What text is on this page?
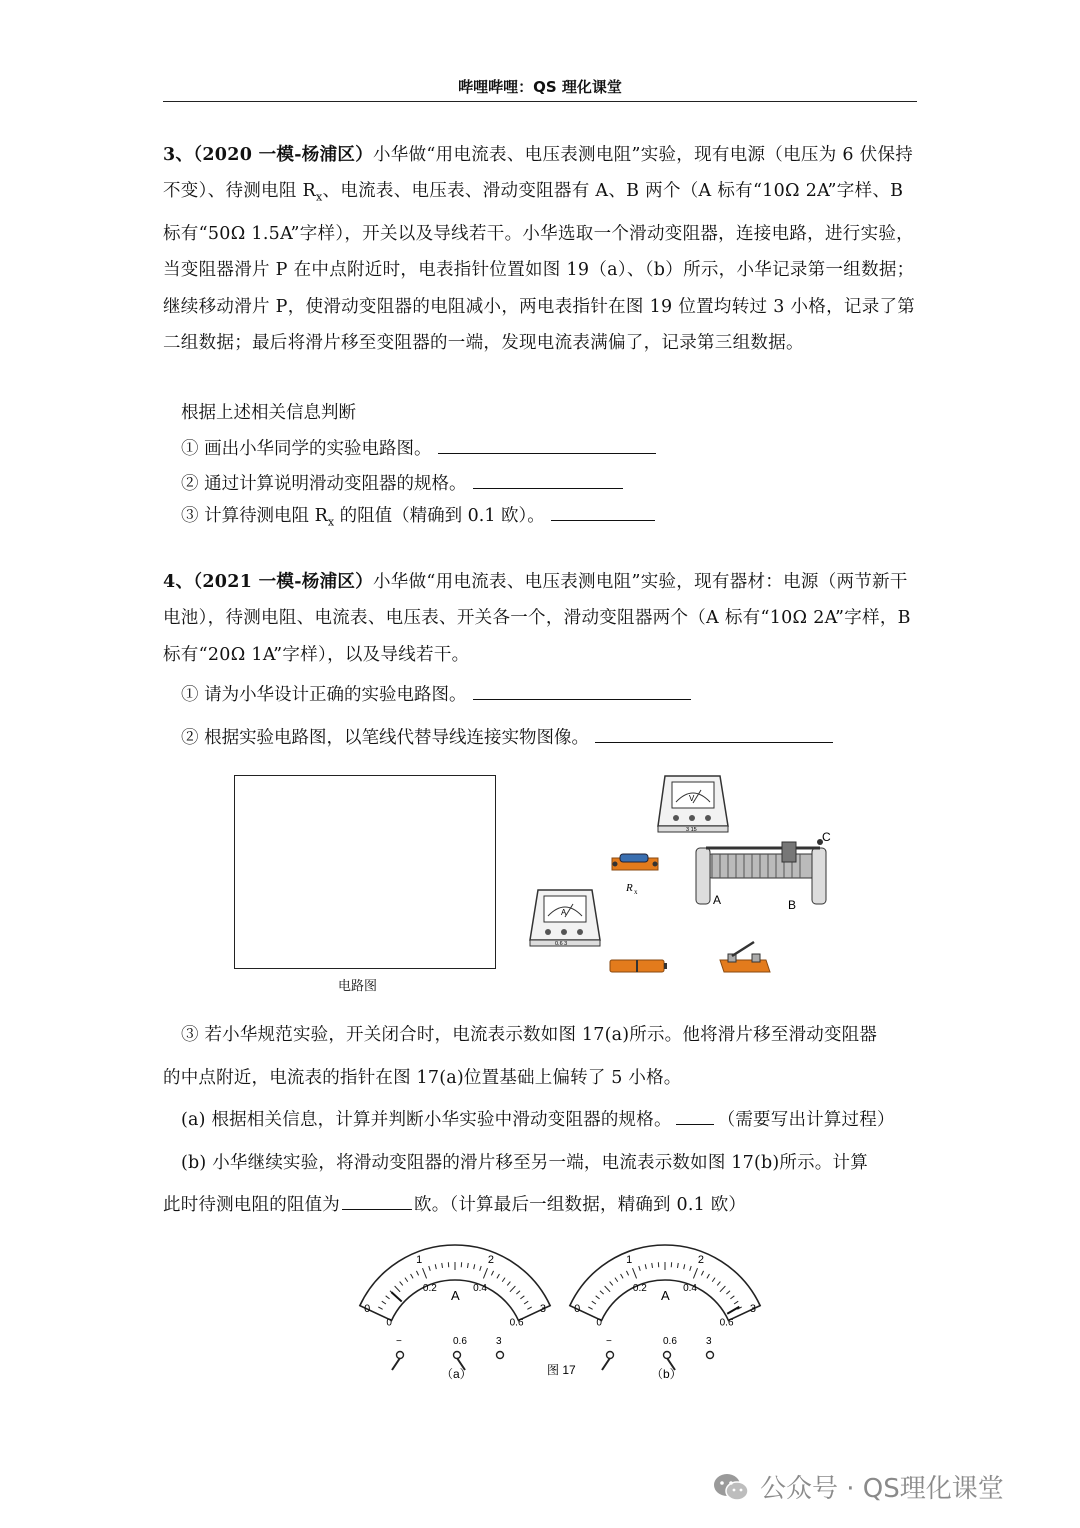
哔哩哔哩：QS 理化课堂
3、（2020 一模-杨浦区）小华做“用电流表、电压表测电阻”实验，现有电源（电压为 6 伏保持不变）、待测电阻 $R_x$、电流表、电压表、滑动变阻器有 A、B 两个（A 标有“10Ω 2A”字样、B 标有“50Ω 1.5A”字样），开关以及导线若干。小华选取一个滑动变阻器，连接电路，进行实验，当变阻器滑片 P 在中点附近时，电表指针位置如图 19（a）、（b）所示，小华记录第一组数据；继续移动滑片 P，使滑动变阻器的电阻减小，两电表指针在图 19 位置均转过 3 小格，记录了第二组数据；最后将滑片移至变阻器的一端，发现电流表满偏了，记录第三组数据。
根据上述相关信息判断
① 画出小华同学的实验电路图。
② 通过计算说明滑动变阻器的规格。
③ 计算待测电阻 $R_x$ 的阻值（精确到 0.1 欧）。
4、（2021 一模-杨浦区）小华做“用电流表、电压表测电阻”实验，现有器材：电源（两节新干电池），待测电阻、电流表、电压表、开关各一个，滑动变阻器两个（A 标有“10Ω 2A”字样，B 标有“20Ω 1A”字样），以及导线若干。
① 请为小华设计正确的实验电路图。
② 根据实验电路图，以笔线代替导线连接实物图像。
电路图
V
3 15
R x
C
A	B
A
0.6 3
③ 若小华规范实验，开关闭合时，电流表示数如图 17(a)所示。他将滑片移至滑动变阻器
的中点附近，电流表的指针在图 17(a)位置基础上偏转了 5 小格。
(a) 根据相关信息，计算并判断小华实验中滑动变阻器的规格。	（需要写出计算过程）
(b) 小华继续实验，将滑动变阻器的滑片移至另一端，电流表示数如图 17(b)所示。计算
此时待测电阻的阻值为	欧。（计算最后一组数据，精确到 0.1 欧）
0
1	2
3
0
0.2	0.4
0.6
A
−	0.6	3
（a）
0
1	2
3
0
0.2	0.4
0.6
A
−	0.6	3
（b）
图 17
公众号 · QS理化课堂
